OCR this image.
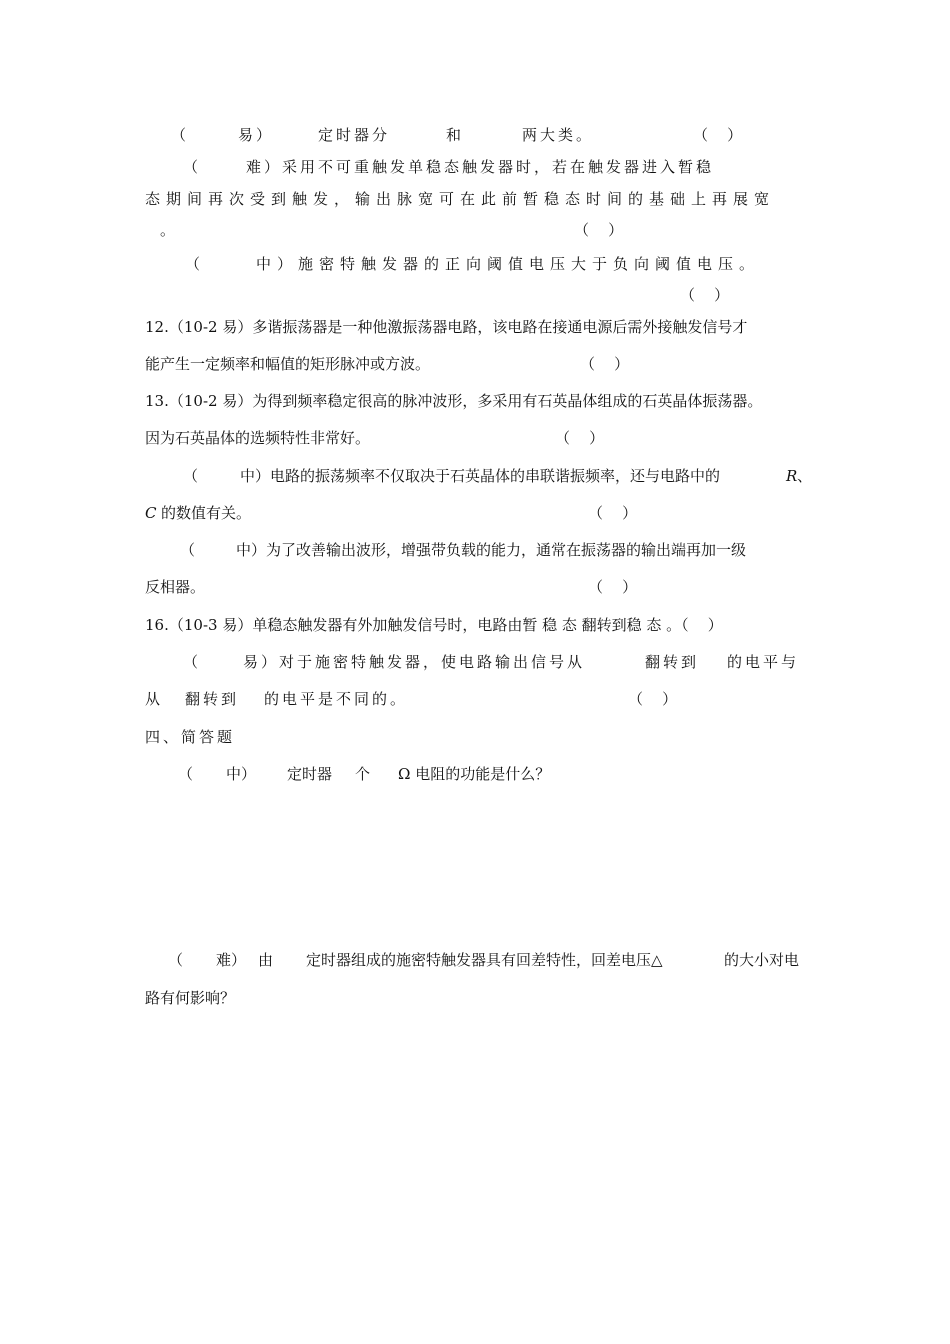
（	易）	定时器分	和	两大类。	（    ）
（	难）采用不可重触发单稳态触发器时，若在触发器进入暂稳
态期间再次受到触发，输出脉宽可在此前暂稳态时间的基础上再展宽
。	（    ）
（	中）施密特触发器的正向阈值电压大于负向阈值电压。
（    ）
12.（10-2 易）多谐振荡器是一种他激振荡器电路，该电路在接通电源后需外接触发信号才
能产生一定频率和幅值的矩形脉冲或方波。	（    ）
13.（10-2 易）为得到频率稳定很高的脉冲波形，多采用有石英晶体组成的石英晶体振荡器。
因为石英晶体的选频特性非常好。	（    ）
（	中）电路的振荡频率不仅取决于石英晶体的串联谐振频率，还与电路中的	R 、
C 的数值有关。	（    ）
（	中）为了改善输出波形，增强带负载的能力，通常在振荡器的输出端再加一级
反相器。	（    ）
16.（10-3 易）单稳态触发器有外加触发信号时，电路由暂 稳 态 翻转到稳 态 。（    ）
（	易）对于施密特触发器，使电路输出信号从	翻转到 的电平与
从 翻转到 的电平是不同的。	（    ）
四、简答题
（ 中） 定时器 个 Ω 电阻的功能是什么？
（ 难） 由 定时器组成的施密特触发器具有回差特性，回差电压△	的大小对电
路有何影响？
